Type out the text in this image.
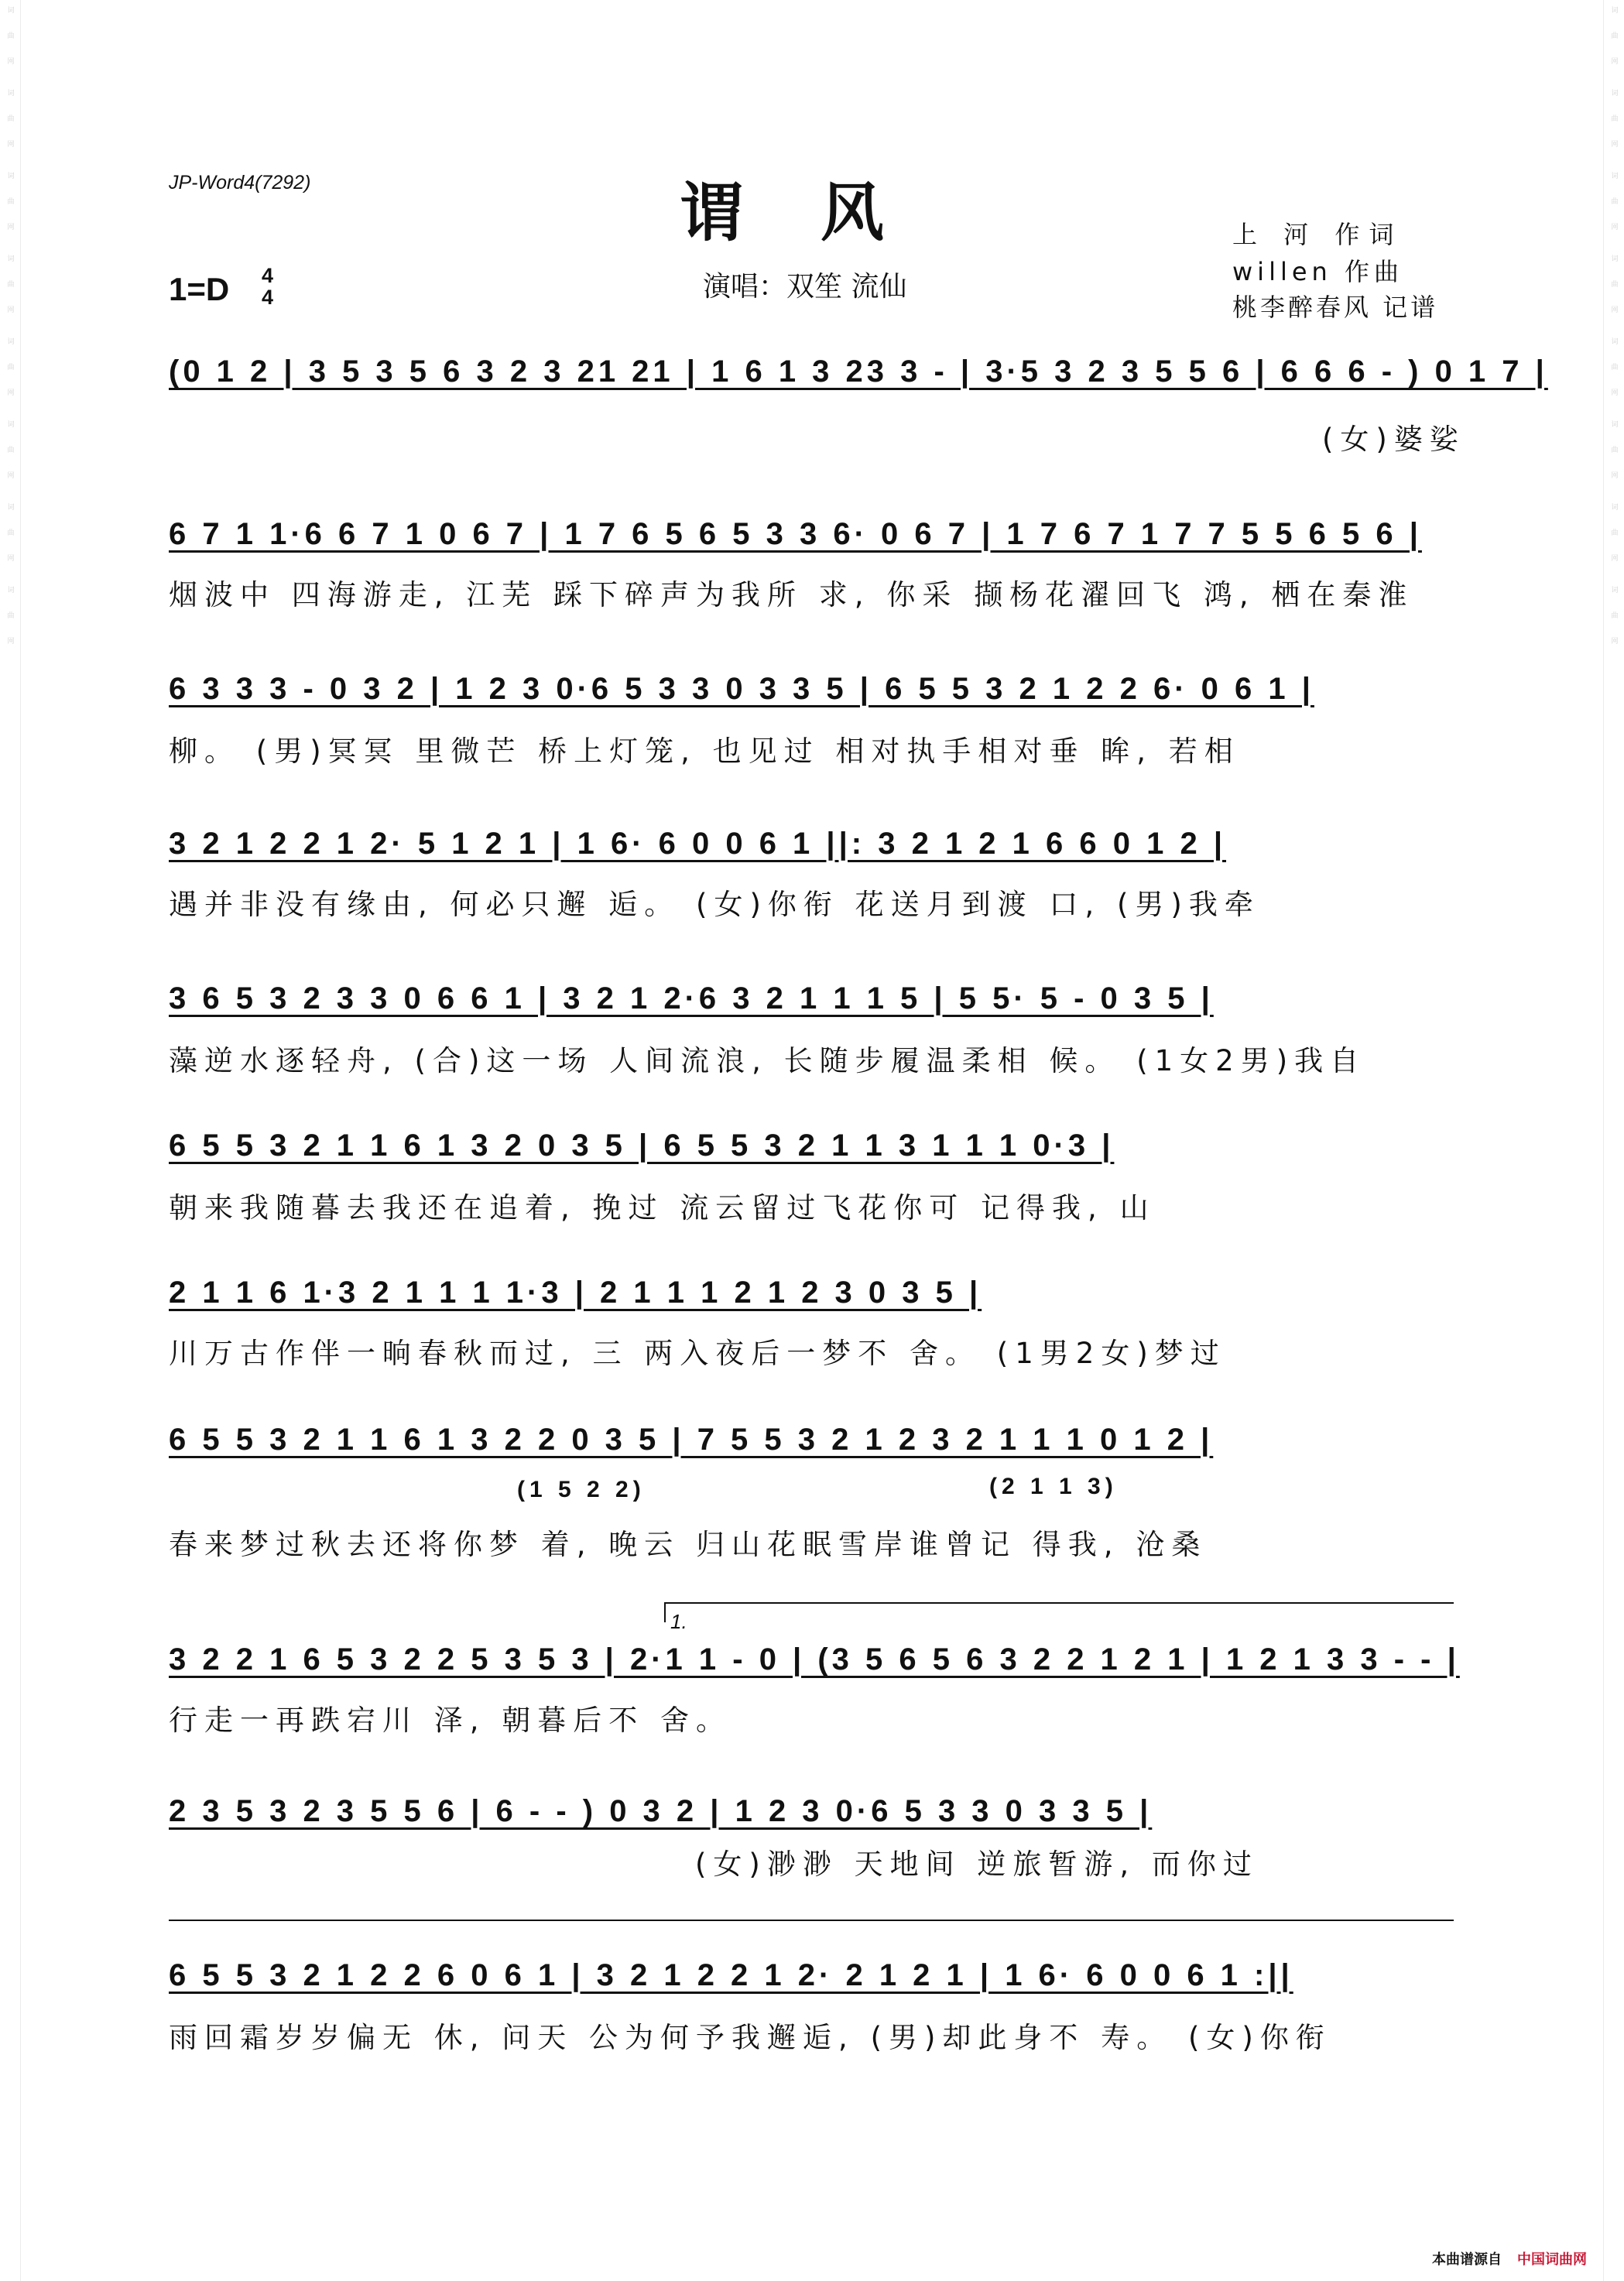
词曲网
词曲网
词曲网
词曲网
词曲网
词曲网
词曲网
词曲网
词曲网
词曲网
词曲网
词曲网
词曲网
词曲网
词曲网
词曲网
JP-Word4(7292)	谓风
1=D 4
4	演唱：双笙 流仙
上 河 作词
willen 作曲
桃李醉春风 记谱
(0 1 2 | 3 5 3 5 6 3 2 3 21 21 | 1 6 1 3 23 3 - | 3·5 3 2 3 5 5 6 | 6 6 6 - ) 0 1 7 |
(女)婆娑
6 7 1 1·6 6 7 1 0 6 7 | 1 7 6 5 6 5 3 3 6· 0 6 7 | 1 7 6 7 1 7 7 5 5 6 5 6 |
烟波中 四海游走, 江芜 踩下碎声为我所 求, 你采 撷杨花濯回飞 鸿, 栖在秦淮
6 3 3 3 - 0 3 2 | 1 2 3 0·6 5 3 3 0 3 3 5 | 6 5 5 3 2 1 2 2 6· 0 6 1 |
柳。 (男)冥冥 里微芒 桥上灯笼, 也见过 相对执手相对垂 眸, 若相
3 2 1 2 2 1 2· 5 1 2 1 | 1 6· 6 0 0 6 1 ||: 3 2 1 2 1 6 6 0 1 2 |
遇并非没有缘由, 何必只邂 逅。 (女)你衔 花送月到渡 口, (男)我牵
3 6 5 3 2 3 3 0 6 6 1 | 3 2 1 2·6 3 2 1 1 1 5 | 5 5· 5 - 0 3 5 |
藻逆水逐轻舟, (合)这一场 人间流浪, 长随步履温柔相 候。 (1女2男)我自
6 5 5 3 2 1 1 6 1 3 2 0 3 5 | 6 5 5 3 2 1 1 3 1 1 1 0·3 |
朝来我随暮去我还在追着, 挽过 流云留过飞花你可 记得我, 山
2 1 1 6 1·3 2 1 1 1 1·3 | 2 1 1 1 2 1 2 3 0 3 5 |
川万古作伴一晌春秋而过, 三 两入夜后一梦不 舍。 (1男2女)梦过
6 5 5 3 2 1 1 6 1 3 2 2 0 3 5 | 7 5 5 3 2 1 2 3 2 1 1 1 0 1 2 |
(1 5 2 2)	(2 1 1 3)
春来梦过秋去还将你梦 着, 晚云 归山花眠雪岸谁曾记 得我, 沧桑
1.
3 2 2 1 6 5 3 2 2 5 3 5 3 | 2·1 1 - 0 | (3 5 6 5 6 3 2 2 1 2 1 | 1 2 1 3 3 - - |
行走一再跌宕川 泽, 朝暮后不 舍。
2 3 5 3 2 3 5 5 6 | 6 - - ) 0 3 2 | 1 2 3 0·6 5 3 3 0 3 3 5 |
(女)渺渺 天地间 逆旅暂游, 而你过
6 5 5 3 2 1 2 2 6 0 6 1 | 3 2 1 2 2 1 2· 2 1 2 1 | 1 6· 6 0 0 6 1 :||
雨回霜岁岁偏无 休, 问天 公为何予我邂逅, (男)却此身不 寿。 (女)你衔
本曲谱源自 中国词曲网
